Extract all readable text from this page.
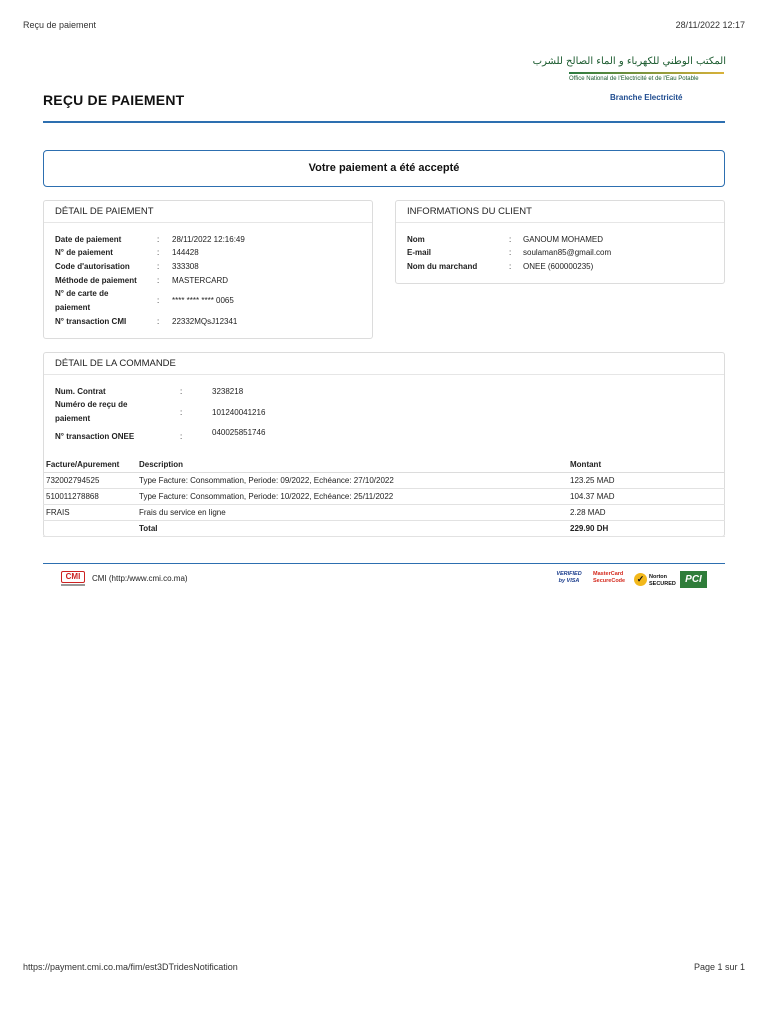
Reçu de paiement	28/11/2022 12:17
المكتب الوطني للكهرباء و الماء الصالح للشرب
Office National de l'Electricité et de l'Eau Potable
Branche Electricité
REÇU DE PAIEMENT
Votre paiement a été accepté
DÉTAIL DE PAIEMENT
Date de paiement	: 28/11/2022 12:16:49
N° de paiement	: 144428
Code d'autorisation	: 333308
Méthode de paiement	: MASTERCARD
N° de carte de
paiement
: **** **** **** 0065
N° transaction CMI	: 22332MQsJ12341
INFORMATIONS DU CLIENT
Nom	: GANOUM MOHAMED
E-mail	: soulaman85@gmail.com
Nom du marchand	: ONEE (600000235)
DÉTAIL DE LA COMMANDE
Num. Contrat	:	3238218
Numéro de reçu de
paiement
:	101240041216
N° transaction ONEE	:	040025851746
Facture/Apurement	Description	Montant
732002794525	Type Facture: Consommation, Periode: 09/2022, Echéance: 27/10/2022	123.25 MAD
510011278868	Type Facture: Consommation, Periode: 10/2022, Echéance: 25/11/2022	104.37 MAD
FRAIS	Frais du service en ligne	2.28 MAD
	Total	229.90 DH
CMI	CMI (http:/www.cmi.co.ma)	VERIFIED
by VISA
MasterCard
SecureCode	✓ Norton
SECURED PCI
https://payment.cmi.co.ma/fim/est3DTridesNotification	Page 1 sur 1
